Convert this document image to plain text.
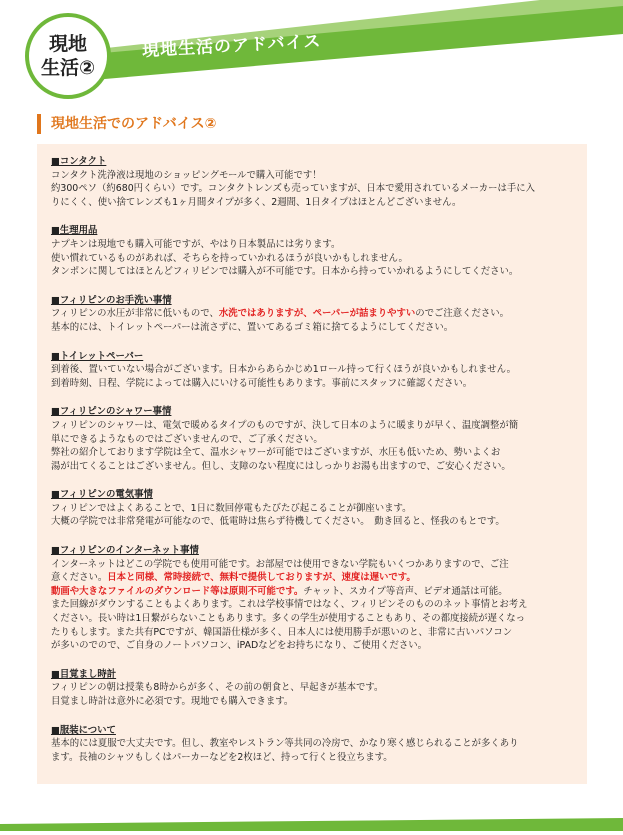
現地生活のアドバイス
現地
生活②
現地生活でのアドバイス②
■コンタクト
コンタクト洗浄液は現地のショッピングモールで購入可能です！
約300ペソ（約680円くらい）です。コンタクトレンズも売っていますが、日本で愛用されているメーカーは手に入
りにくく、使い捨てレンズも1ヶ月間タイプが多く、2週間、1日タイプはほとんどございません。
■生理用品
ナプキンは現地でも購入可能ですが、やはり日本製品には劣ります。
使い慣れているものがあれば、そちらを持っていかれるほうが良いかもしれません。
タンポンに関してはほとんどフィリピンでは購入が不可能です。日本から持っていかれるようにしてください。
■フィリピンのお手洗い事情
フィリピンの水圧が非常に低いもので、水洗ではありますが、ペーパーが詰まりやすいのでご注意ください。
基本的には、トイレットペーパーは流さずに、置いてあるゴミ箱に捨てるようにしてください。
■トイレットペーパー
到着後、置いていない場合がございます。日本からあらかじめ1ロール持って行くほうが良いかもしれません。
到着時刻、日程、学院によっては購入にいける可能性もあります。事前にスタッフに確認ください。
■フィリピンのシャワー事情
フィリピンのシャワーは、電気で暖めるタイプのものですが、決して日本のように暖まりが早く、温度調整が簡
単にできるようなものではございませんので、ご了承ください。
弊社の紹介しております学院は全て、温水シャワーが可能ではございますが、水圧も低いため、勢いよくお
湯が出てくることはございません。但し、支障のない程度にはしっかりお湯も出ますので、ご安心ください。
■フィリピンの電気事情
フィリピンではよくあることで、1日に数回停電もたびたび起こることが御座います。
大概の学院では非常発電が可能なので、低電時は焦らず待機してください。　動き回ると、怪我のもとです。
■フィリピンのインターネット事情
インターネットはどこの学院でも使用可能です。お部屋では使用できない学院もいくつかありますので、ご注
意ください。日本と同様、常時接続で、無料で提供しておりますが、速度は遅いです。
動画や大きなファイルのダウンロード等は原則不可能です。チャット、スカイプ等音声、ビデオ通話は可能。
また回線がダウンすることもよくあります。これは学校事情ではなく、フィリピンそのもののネット事情とお考え
ください。長い時は1日繋がらないこともあります。多くの学生が使用することもあり、その都度接続が遅くなっ
たりもします。また共有PCですが、韓国語仕様が多く、日本人には使用勝手が悪いのと、非常に古いパソコン
が多いのでので、ご自身のノートパソコン、iPADなどをお持ちになり、ご使用ください。
■目覚まし時計
フィリピンの朝は授業も8時からが多く、その前の朝食と、早起きが基本です。
目覚まし時計は意外に必須です。現地でも購入できます。
■服装について
基本的には夏服で大丈夫です。但し、教室やレストラン等共同の冷房で、かなり寒く感じられることが多くあり
ます。長袖のシャツもしくはパーカーなどを2枚ほど、持って行くと役立ちます。
